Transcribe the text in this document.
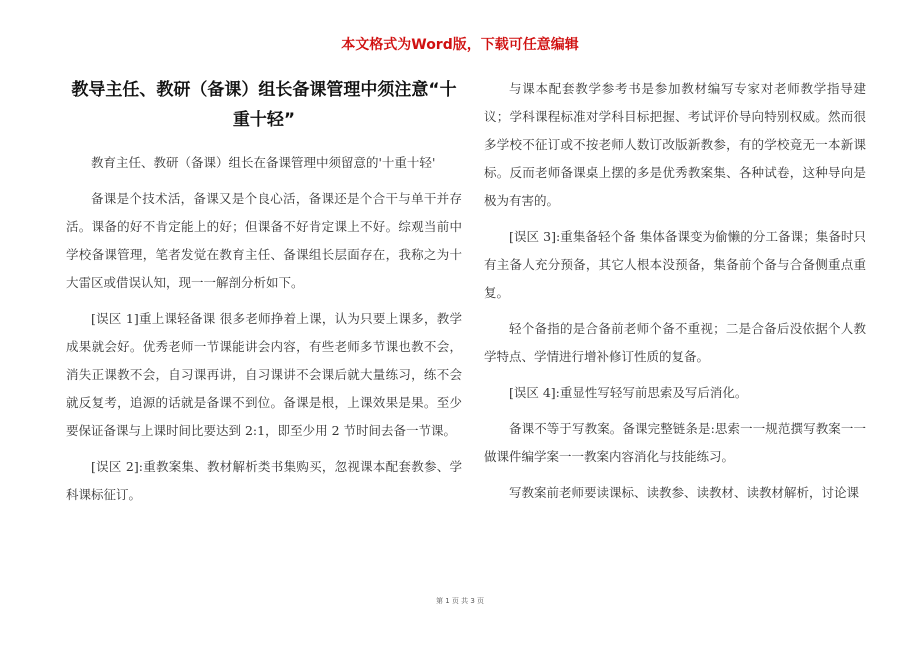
本文格式为Word版，下载可任意编辑
教导主任、教研（备课）组长备课管理中须注意“十重十轻”

教育主任、教研（备课）组长在备课管理中须留意的'十重十轻'

备课是个技术活，备课又是个良心活，备课还是个合干与单干并存活。课备的好不肯定能上的好；但课备不好肯定课上不好。综观当前中学校备课管理，笔者发觉在教育主任、备课组长层面存在，我称之为十大雷区或借误认知，现一一解剖分析如下。

[误区 1]重上课轻备课 很多老师挣着上课，认为只要上课多，教学成果就会好。优秀老师一节课能讲会内容，有些老师多节课也教不会，消失正课教不会，自习课再讲，自习课讲不会课后就大量练习，练不会就反复考，追源的话就是备课不到位。备课是根，上课效果是果。至少要保证备课与上课时间比要达到 2:1，即至少用 2 节时间去备一节课。

[误区 2]:重教案集、教材解析类书集购买，忽视课本配套教参、学科课标征订。

与课本配套教学参考书是参加教材编写专家对老师教学指导建议；学科课程标准对学科目标把握、考试评价导向特别权威。然而很多学校不征订或不按老师人数订改版新教参，有的学校竟无一本新课标。反而老师备课桌上摆的多是优秀教案集、各种试卷，这种导向是极为有害的。

[误区 3]:重集备轻个备 集体备课变为偷懒的分工备课；集备时只有主备人充分预备，其它人根本没预备，集备前个备与合备侧重点重复。

轻个备指的是合备前老师个备不重视；二是合备后没依据个人教学特点、学情进行增补修订性质的复备。

[误区 4]:重显性写轻写前思索及写后消化。

备课不等于写教案。备课完整链条是:思索一一规范撰写教案一一做课件编学案一一教案内容消化与技能练习。

写教案前老师要读课标、读教参、读教材、读教材解析，讨论课

第 1 页 共 3 页
